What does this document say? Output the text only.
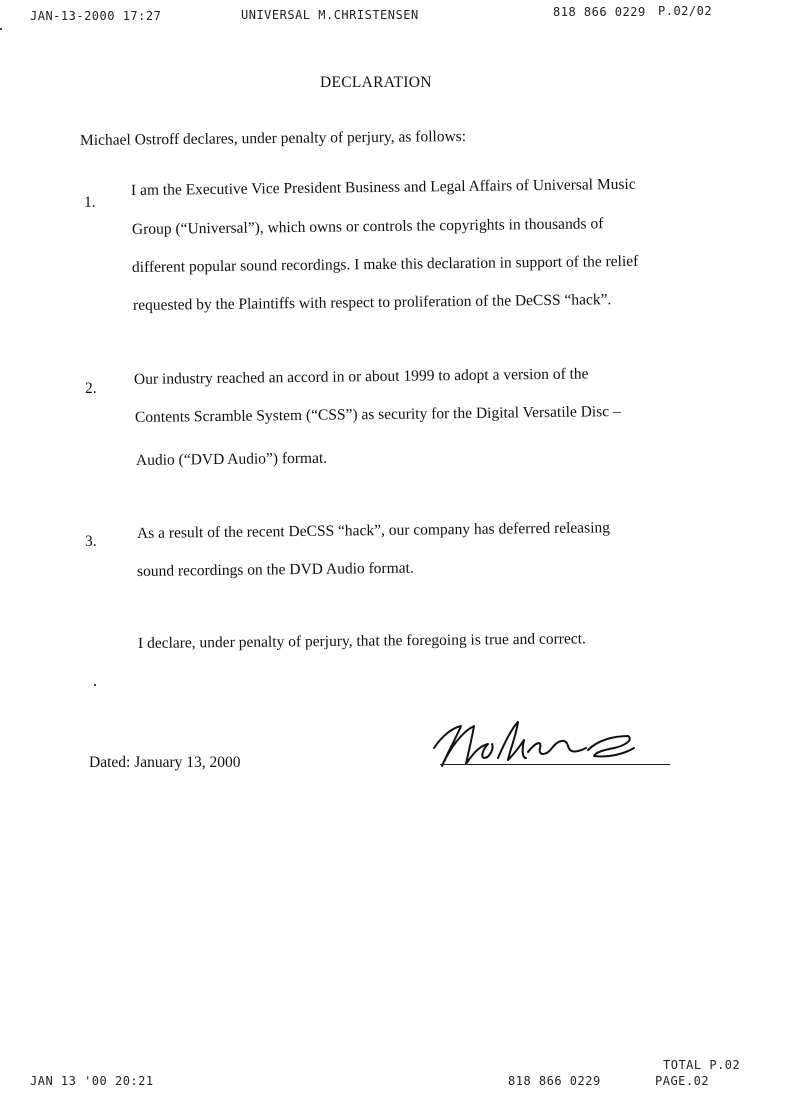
JAN-13-2000 17:27	UNIVERSAL M.CHRISTENSEN	818 866 0229 P.02/02
DECLARATION
Michael Ostroff declares, under penalty of perjury, as follows:
1.
I am the Executive Vice President Business and Legal Affairs of Universal Music
Group (“Universal”), which owns or controls the copyrights in thousands of
different popular sound recordings. I make this declaration in support of the relief
requested by the Plaintiffs with respect to proliferation of the DeCSS “hack”.
2.
Our industry reached an accord in or about 1999 to adopt a version of the
Contents Scramble System (“CSS”) as security for the Digital Versatile Disc –
Audio (“DVD Audio”) format.
3.	As a result of the recent DeCSS “hack”, our company has deferred releasing
sound recordings on the DVD Audio format.
I declare, under penalty of perjury, that the foregoing is true and correct.
Dated: January 13, 2000
TOTAL P.02
JAN 13 '00 20:21	818 866 0229	PAGE.02
